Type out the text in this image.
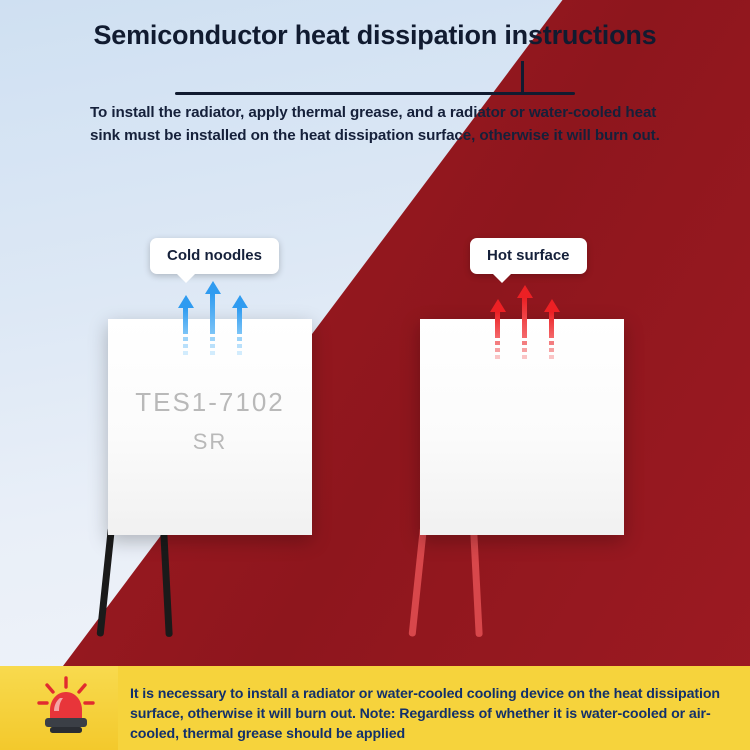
Semiconductor heat dissipation instructions
To install the radiator, apply thermal grease, and a radiator or water-cooled heat sink must be installed on the heat dissipation surface, otherwise it will burn out.
Cold noodles
TES1-7102
SR
Hot surface
It is necessary to install a radiator or water-cooled cooling device on the heat dissipation surface, otherwise it will burn out. Note: Regardless of whether it is water-cooled or air-cooled, thermal grease should be applied
